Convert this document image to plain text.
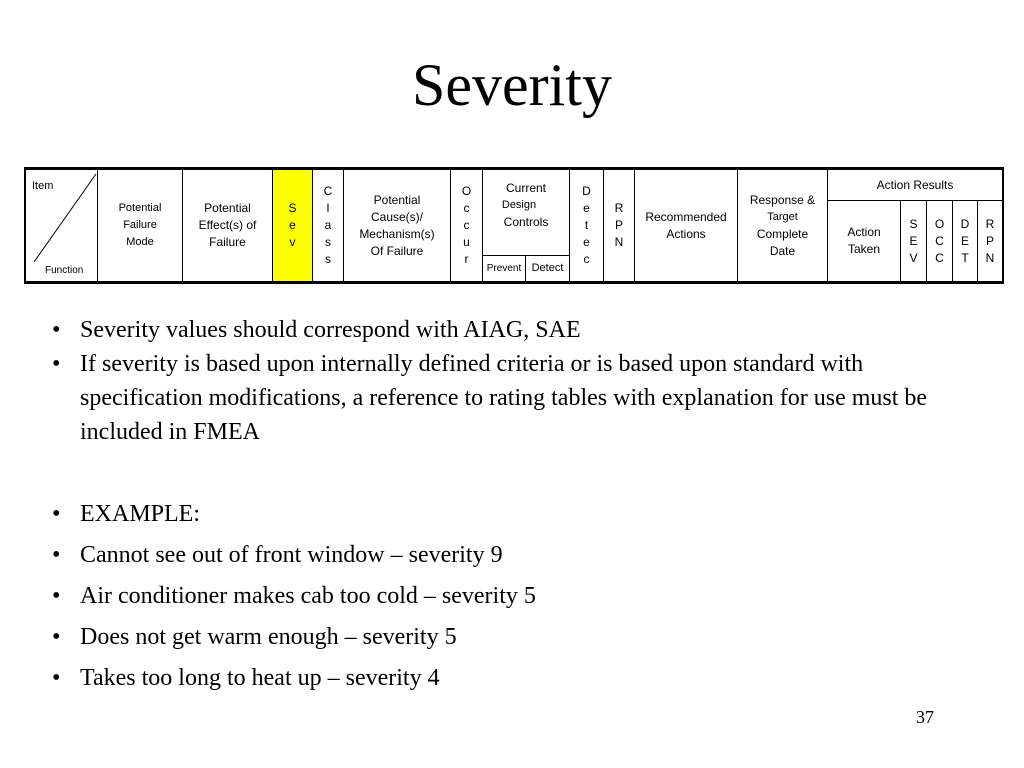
Severity
Item
Function
Potential
Failure
Mode
Potential
Effect(s) of
Failure
S
e
v
C
l
a
s
s
Potential
Cause(s)/
Mechanism(s)
Of Failure
O
c
c
u
r
Current
Design
Controls
Prevent Detect
D
e
t
e
c
R
P
N
Recommended
Actions
Response &
Target
Complete
Date
Action Results
Action
Taken
S
E
V
O
C
C
D
E
T
R
P
N
• Severity values should correspond with AIAG, SAE
• If severity is based upon internally defined criteria or is based upon standard with specification modifications, a reference to rating tables with explanation for use must be included in FMEA
• EXAMPLE:
• Cannot see out of front window – severity 9
• Air conditioner makes cab too cold – severity 5
• Does not get warm enough – severity 5
• Takes too long to heat up – severity 4
37
